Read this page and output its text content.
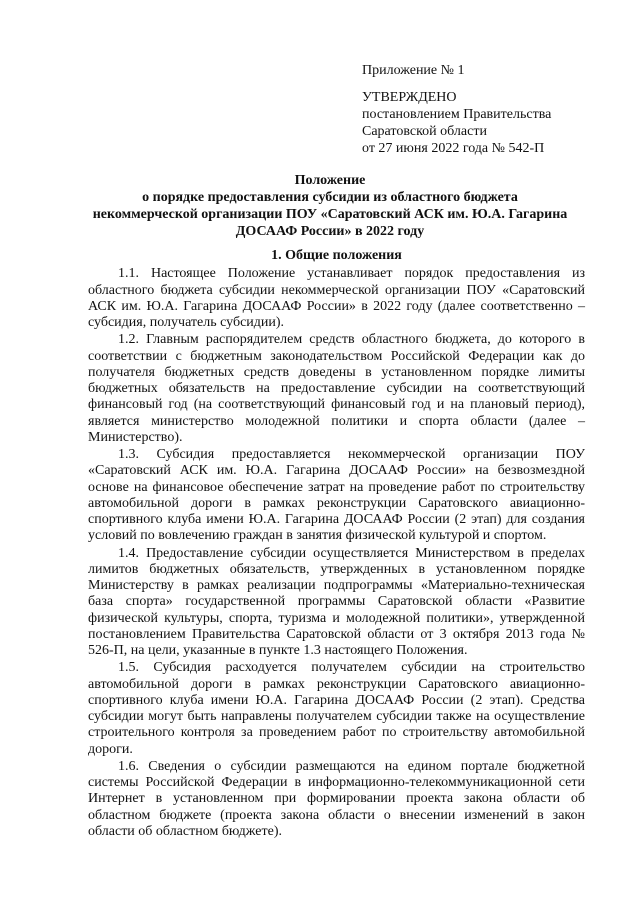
Приложение № 1
УТВЕРЖДЕНО
постановлением Правительства
Саратовской области
от 27 июня 2022 года № 542-П
Положение
о порядке предоставления субсидии из областного бюджета
некоммерческой организации ПОУ «Саратовский АСК им. Ю.А. Гагарина
ДОСААФ России» в 2022 году
1. Общие положения

1.1. Настоящее Положение устанавливает порядок предоставления из областного бюджета субсидии некоммерческой организации ПОУ «Саратовский АСК им. Ю.А. Гагарина ДОСААФ России» в 2022 году (далее соответственно – субсидия, получатель субсидии).

1.2. Главным распорядителем средств областного бюджета, до которого в соответствии с бюджетным законодательством Российской Федерации как до получателя бюджетных средств доведены в установленном порядке лимиты бюджетных обязательств на предоставление субсидии на соответствующий финансовый год (на соответствующий финансовый год и на плановый период), является министерство молодежной политики и спорта области (далее – Министерство).

1.3. Субсидия предоставляется некоммерческой организации ПОУ «Саратовский АСК им. Ю.А. Гагарина ДОСААФ России» на безвозмездной основе на финансовое обеспечение затрат на проведение работ по строительству автомобильной дороги в рамках реконструкции Саратовского авиационно-спортивного клуба имени Ю.А. Гагарина ДОСААФ России (2 этап) для создания условий по вовлечению граждан в занятия физической культурой и спортом.

1.4. Предоставление субсидии осуществляется Министерством в пределах лимитов бюджетных обязательств, утвержденных в установленном порядке Министерству в рамках реализации подпрограммы «Материально-техническая база спорта» государственной программы Саратовской области «Развитие физической культуры, спорта, туризма и молодежной политики», утвержденной постановлением Правительства Саратовской области от 3 октября 2013 года № 526-П, на цели, указанные в пункте 1.3 настоящего Положения.

1.5. Субсидия расходуется получателем субсидии на строительство автомобильной дороги в рамках реконструкции Саратовского авиационно-спортивного клуба имени Ю.А. Гагарина ДОСААФ России (2 этап). Средства субсидии могут быть направлены получателем субсидии также на осуществление строительного контроля за проведением работ по строительству автомобильной дороги.

1.6. Сведения о субсидии размещаются на едином портале бюджетной системы Российской Федерации в информационно-телекоммуникационной сети Интернет в установленном при формировании проекта закона области об областном бюджете (проекта закона области о внесении изменений в закон области об областном бюджете).
